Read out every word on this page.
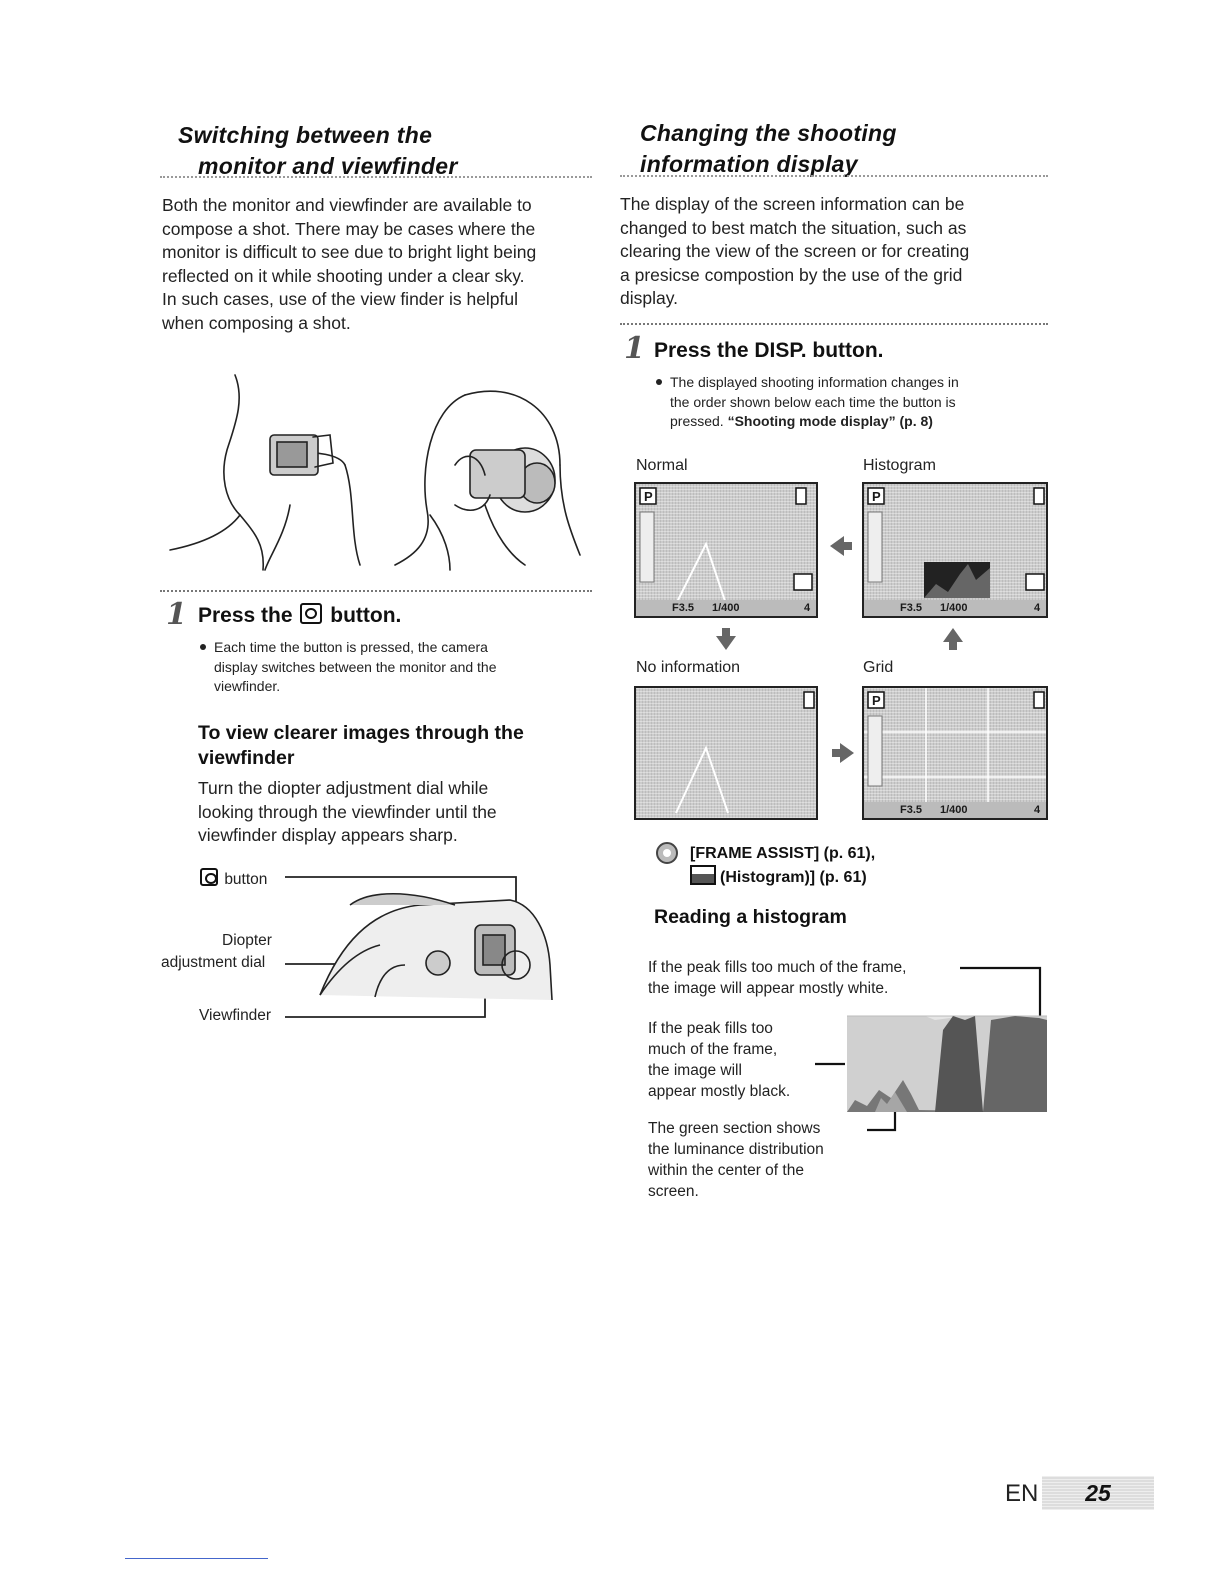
Switching between the
monitor and viewfinder
Both the monitor and viewfinder are available to
compose a shot. There may be cases where the
monitor is difficult to see due to bright light being
reflected on it while shooting under a clear sky.
In such cases, use of the view finder is helpful
when composing a shot.
1 Press the button.
Each time the button is pressed, the camera
display switches between the monitor and the
viewfinder.
To view clearer images through the
viewfinder
Turn the diopter adjustment dial while
looking through the viewfinder until the
viewfinder display appears sharp.
button
Diopter
adjustment dial
Viewfinder
Changing the shooting
information display
The display of the screen information can be
changed to best match the situation, such as
clearing the view of the screen or for creating
a presicse compostion by the use of the grid
display.
1 Press the DISP. button.
The displayed shooting information changes in
the order shown below each time the button is
pressed. “Shooting mode display” (p. 8)
Normal	Histogram
No information	Grid
P
F3.5 1/400	4
P
F3.5 1/400	4
P
F3.5 1/400	4
[FRAME ASSIST] (p. 61),
(Histogram)] (p. 61)
Reading a histogram
If the peak fills too much of the frame,
the image will appear mostly white.
If the peak fills too
much of the frame,
the image will
appear mostly black.
The green section shows
the luminance distribution
within the center of the
screen.
EN	25
